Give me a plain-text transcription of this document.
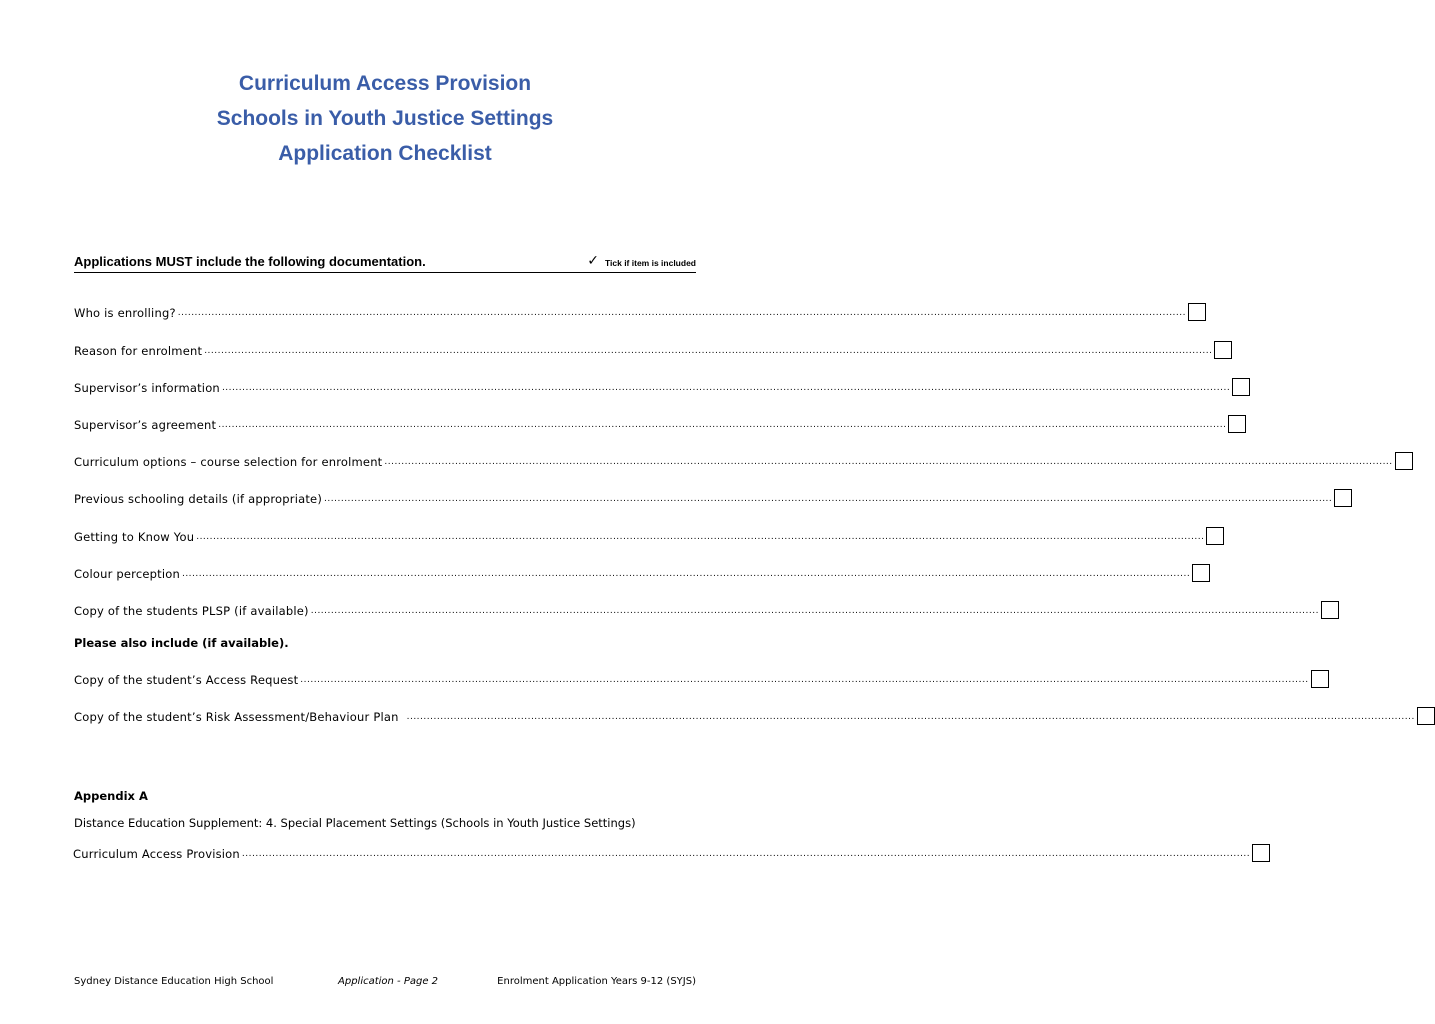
Curriculum Access Provision
Schools in Youth Justice Settings
Application Checklist
Applications MUST include the following documentation.	✓ Tick if item is included
Who is enrolling? ............................................................................................................................................................................................................................................................................................................
Reason for enrolment ............................................................................................................................................................................................................................................................................................................
Supervisor’s information ............................................................................................................................................................................................................................................................................................................
Supervisor’s agreement ............................................................................................................................................................................................................................................................................................................
Curriculum options – course selection for enrolment ............................................................................................................................................................................................................................................................................................................
Previous schooling details (if appropriate) ............................................................................................................................................................................................................................................................................................................
Getting to Know You ............................................................................................................................................................................................................................................................................................................
Colour perception ............................................................................................................................................................................................................................................................................................................
Copy of the students PLSP (if available) ............................................................................................................................................................................................................................................................................................................
Please also include (if available).
Copy of the student’s Access Request ............................................................................................................................................................................................................................................................................................................
Copy of the student’s Risk Assessment/Behaviour Plan ............................................................................................................................................................................................................................................................................................................
Appendix A
Distance Education Supplement: 4. Special Placement Settings (Schools in Youth Justice Settings)
Curriculum Access Provision ............................................................................................................................................................................................................................................................................................................
Sydney Distance Education High School	Application - Page 2	Enrolment Application Years 9-12 (SYJS)
